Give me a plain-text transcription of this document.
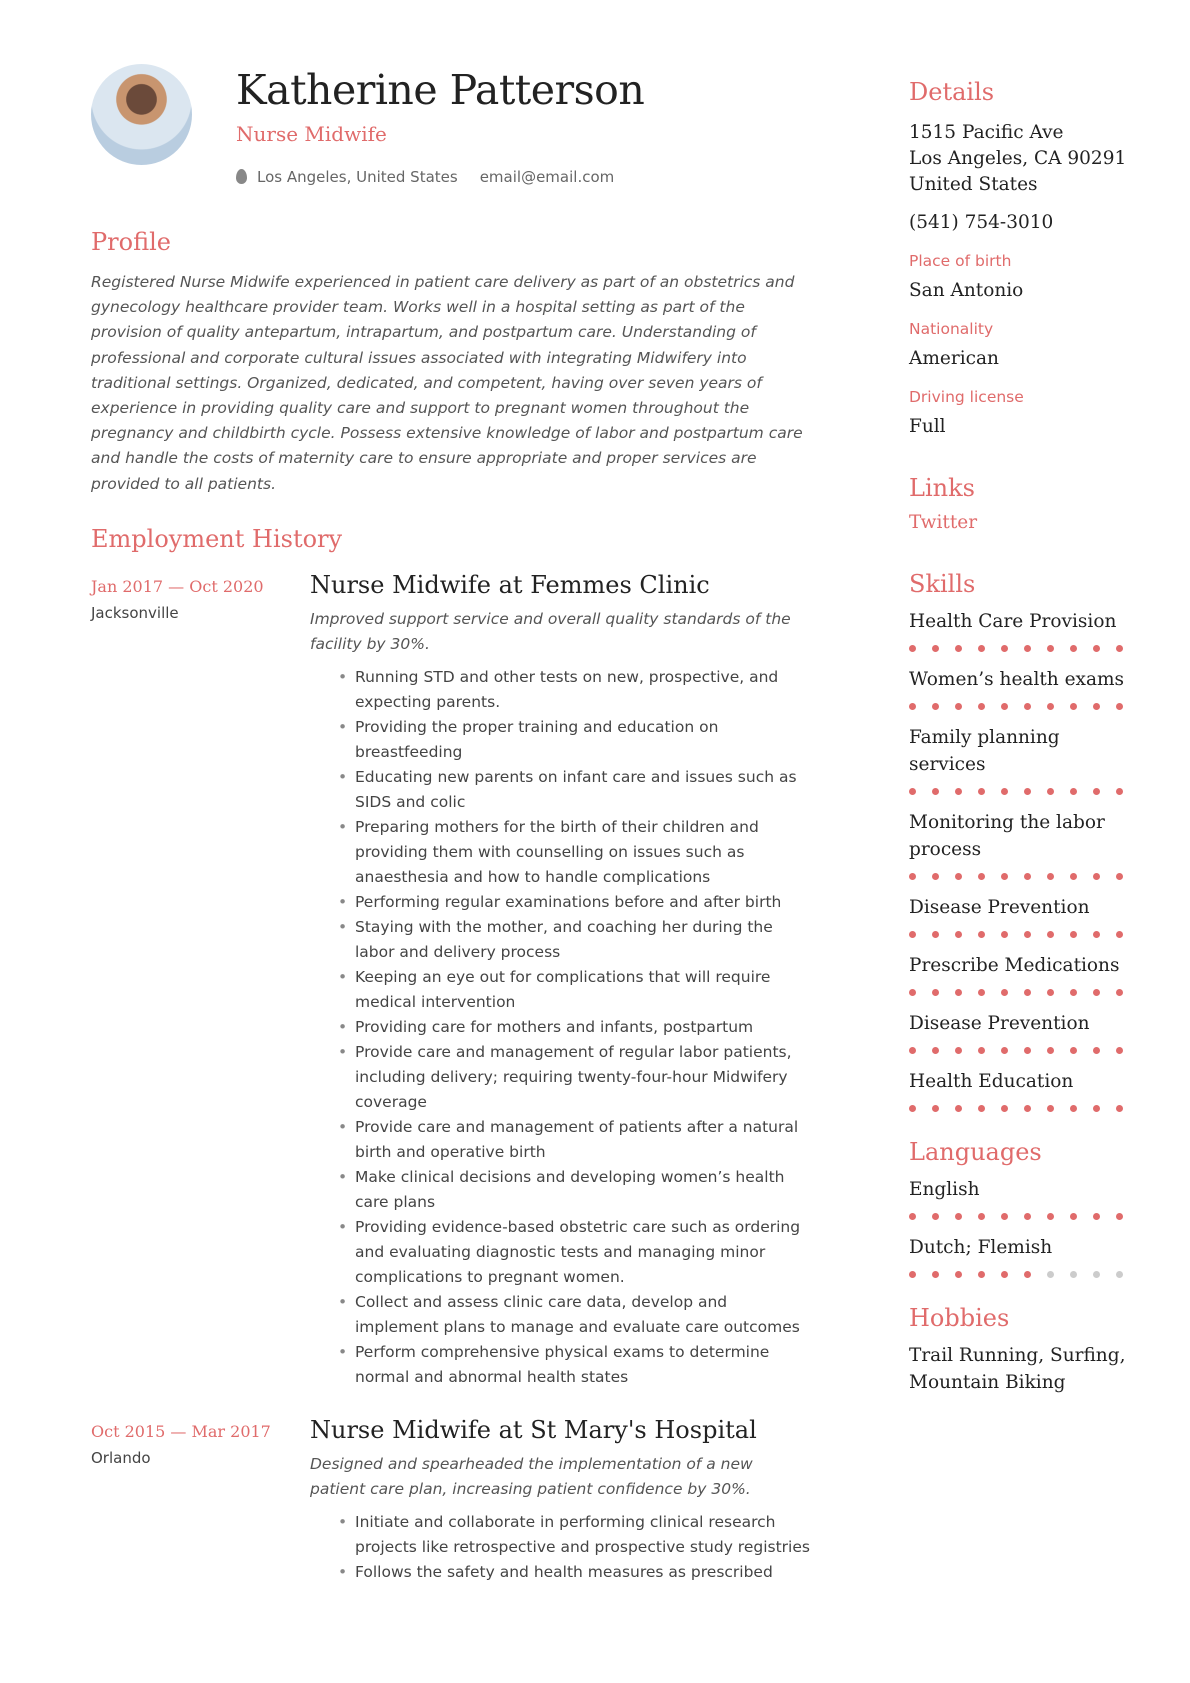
Katherine Patterson
Nurse Midwife
Los Angeles, United States email@email.com
Profile

Registered Nurse Midwife experienced in patient care delivery as part of an obstetrics and gynecology healthcare provider team. Works well in a hospital setting as part of the provision of quality antepartum, intrapartum, and postpartum care. Understanding of professional and corporate cultural issues associated with integrating Midwifery into traditional settings. Organized, dedicated, and competent, having over seven years of experience in providing quality care and support to pregnant women throughout the pregnancy and childbirth cycle. Possess extensive knowledge of labor and postpartum care and handle the costs of maternity care to ensure appropriate and proper services are provided to all patients.

Employment History
Jan 2017 — Oct 2020
Jacksonville
Nurse Midwife at Femmes Clinic

Improved support service and overall quality standards of the facility by 30%.

• Running STD and other tests on new, prospective, and expecting parents.
• Providing the proper training and education on breastfeeding
• Educating new parents on infant care and issues such as SIDS and colic
• Preparing mothers for the birth of their children and providing them with counselling on issues such as anaesthesia and how to handle complications
• Performing regular examinations before and after birth
• Staying with the mother, and coaching her during the labor and delivery process
• Keeping an eye out for complications that will require medical intervention
• Providing care for mothers and infants, postpartum
• Provide care and management of regular labor patients, including delivery; requiring twenty-four-hour Midwifery coverage
• Provide care and management of patients after a natural birth and operative birth
• Make clinical decisions and developing women’s health care plans
• Providing evidence-based obstetric care such as ordering and evaluating diagnostic tests and managing minor complications to pregnant women.
• Collect and assess clinic care data, develop and implement plans to manage and evaluate care outcomes
• Perform comprehensive physical exams to determine normal and abnormal health states
Oct 2015 — Mar 2017
Orlando
Nurse Midwife at St Mary's Hospital

Designed and spearheaded the implementation of a new patient care plan, increasing patient confidence by 30%.

• Initiate and collaborate in performing clinical research projects like retrospective and prospective study registries
• Follows the safety and health measures as prescribed
Details
1515 Pacific Ave
Los Angeles, CA 90291
United States
(541) 754-3010
Place of birth
San Antonio
Nationality
American
Driving license
Full
Links
Twitter
Skills
Health Care Provision
Women’s health exams
Family planning services
Monitoring the labor process
Disease Prevention
Prescribe Medications
Disease Prevention
Health Education
Languages
English
Dutch; Flemish
Hobbies
Trail Running, Surfing, Mountain Biking
